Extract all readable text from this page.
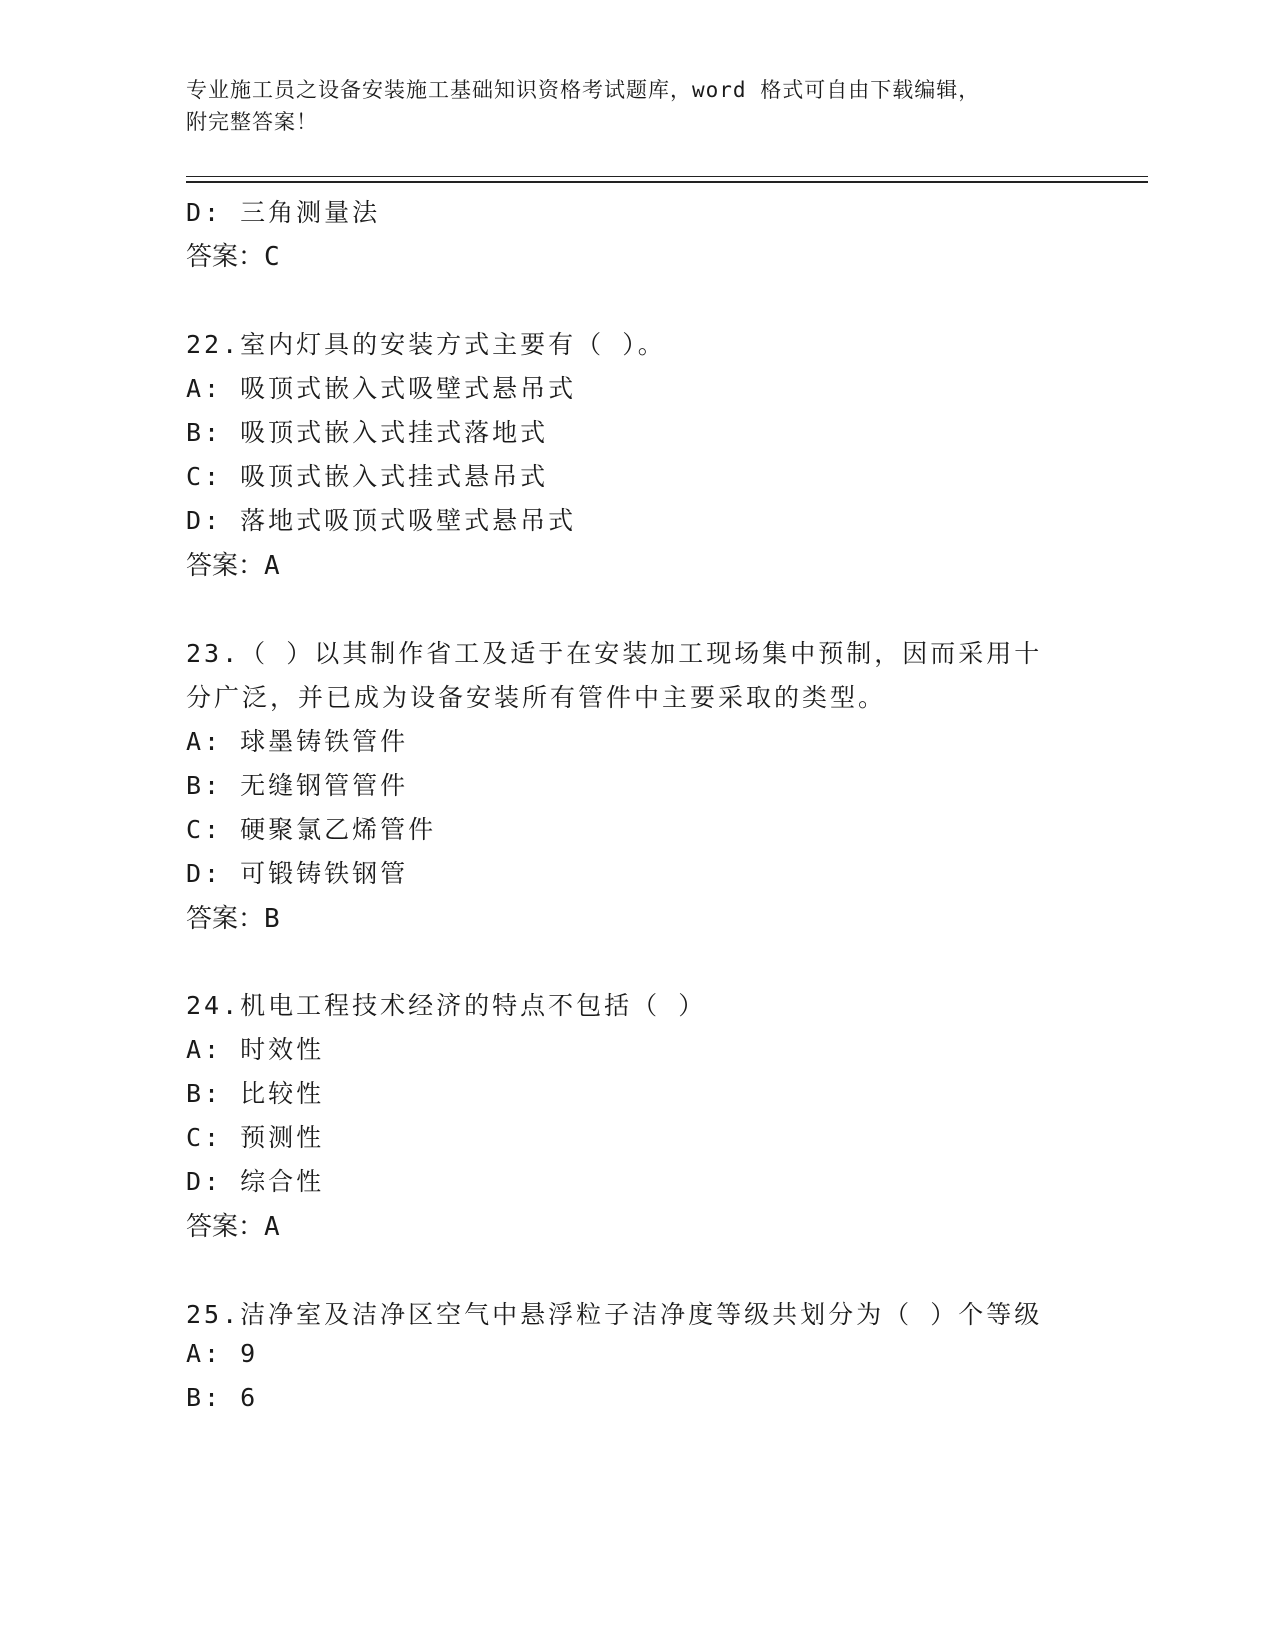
专业施工员之设备安装施工基础知识资格考试题库，word 格式可自由下载编辑，
附完整答案！
D: 三角测量法
答案：C
22.室内灯具的安装方式主要有（ ）。
A: 吸顶式嵌入式吸壁式悬吊式
B: 吸顶式嵌入式挂式落地式
C: 吸顶式嵌入式挂式悬吊式
D: 落地式吸顶式吸壁式悬吊式
答案：A
23.（ ）以其制作省工及适于在安装加工现场集中预制，因而采用十
分广泛，并已成为设备安装所有管件中主要采取的类型。
A: 球墨铸铁管件
B: 无缝钢管管件
C: 硬聚氯乙烯管件
D: 可锻铸铁钢管
答案：B
24.机电工程技术经济的特点不包括（ ）
A: 时效性
B: 比较性
C: 预测性
D: 综合性
答案：A
25.洁净室及洁净区空气中悬浮粒子洁净度等级共划分为（ ）个等级
A: 9
B: 6
